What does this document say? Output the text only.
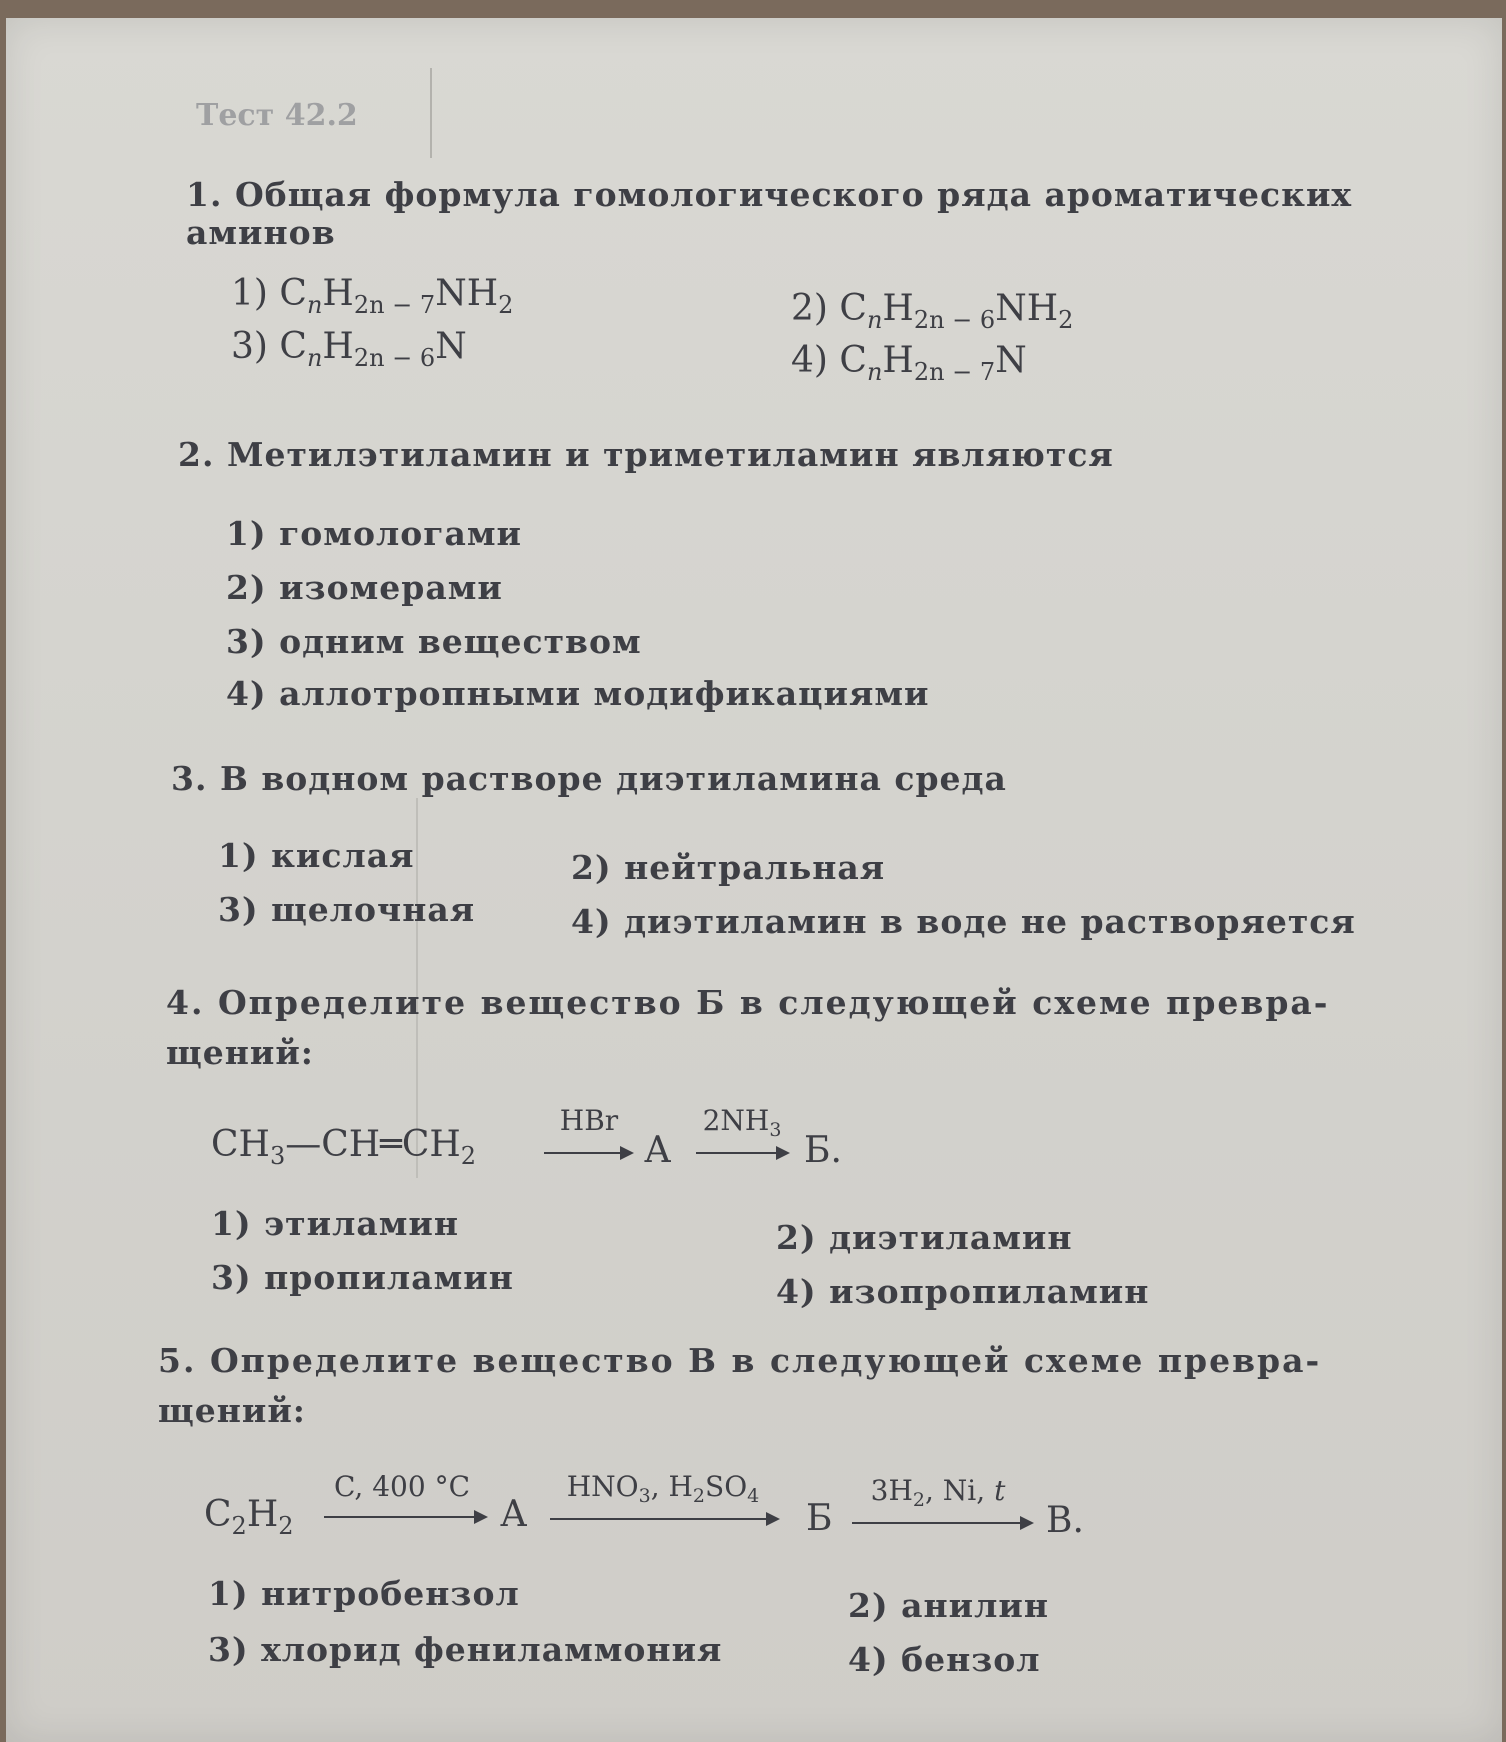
Тест 42.2
1. Общая формула гомологического ряда ароматических
аминов
1) $C_nH_{2n - 7}NH_2$	2) $C_nH_{2n - 6}NH_2$
3) $C_nH_{2n - 6}N$	4) $C_nH_{2n - 7}N$
2. Метилэтиламин и триметиламин являются
1) гомологами
2) изомерами
3) одним веществом
4) аллотропными модификациями
3. В водном растворе диэтиламина среда
1) кислая	2) нейтральная
3) щелочная	4) диэтиламин в воде не растворяется
4. Определите вещество Б в следующей схеме превра-
щений:
$CH_3—CH═CH_2$
HBr
А
$2NH_3$ Б.
1) этиламин	2) диэтиламин
3) пропиламин	4) изопропиламин
5. Определите вещество В в следующей схеме превра-
щений:
$C_2H_2$
C, 400 °C
А
$HNO_3$, $H_2SO_4$
Б
$3H_2$, Ni, t
В.
1) нитробензол	2) анилин
3) хлорид фениламмония	4) бензол
